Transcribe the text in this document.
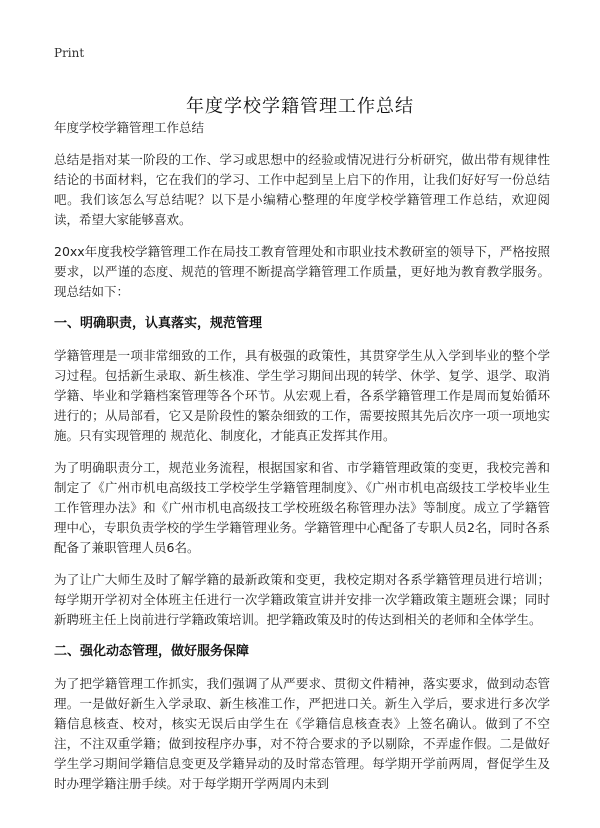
Print
年度学校学籍管理工作总结
年度学校学籍管理工作总结

总结是指对某一阶段的工作、学习或思想中的经验或情况进行分析研究，做出带有规律性结论的书面材料，它在我们的学习、工作中起到呈上启下的作用，让我们好好写一份总结吧。我们该怎么写总结呢？以下是小编精心整理的年度学校学籍管理工作总结，欢迎阅读，希望大家能够喜欢。

20xx年度我校学籍管理工作在局技工教育管理处和市职业技术教研室的领导下，严格按照要求，以严谨的态度、规范的管理不断提高学籍管理工作质量，更好地为教育教学服务。现总结如下：

一、明确职责，认真落实，规范管理

学籍管理是一项非常细致的工作，具有极强的政策性，其贯穿学生从入学到毕业的整个学习过程。包括新生录取、新生核准、学生学习期间出现的转学、休学、复学、退学、取消学籍、毕业和学籍档案管理等各个环节。从宏观上看，各系学籍管理工作是周而复始循环进行的；从局部看，它又是阶段性的繁杂细致的工作，需要按照其先后次序一项一项地实施。只有实现管理的 规范化、制度化，才能真正发挥其作用。

为了明确职责分工，规范业务流程，根据国家和省、市学籍管理政策的变更，我校完善和制定了《广州市机电高级技工学校学生学籍管理制度》、《广州市机电高级技工学校毕业生工作管理办法》和《广州市机电高级技工学校班级名称管理办法》等制度。成立了学籍管理中心，专职负责学校的学生学籍管理业务。学籍管理中心配备了专职人员2名，同时各系配备了兼职管理人员6名。

为了让广大师生及时了解学籍的最新政策和变更，我校定期对各系学籍管理员进行培训；每学期开学初对全体班主任进行一次学籍政策宣讲并安排一次学籍政策主题班会课；同时新聘班主任上岗前进行学籍政策培训。把学籍政策及时的传达到相关的老师和全体学生。

二、强化动态管理，做好服务保障

为了把学籍管理工作抓实，我们强调了从严要求、贯彻文件精神，落实要求，做到动态管理。一是做好新生入学录取、新生核准工作，严把进口关。新生入学后，要求进行多次学籍信息核查、校对，核实无误后由学生在《学籍信息核查表》上签名确认。做到了不空注，不注双重学籍；做到按程序办事，对不符合要求的予以剔除，不弄虚作假。二是做好学生学习期间学籍信息变更及学籍异动的及时常态管理。每学期开学前两周，督促学生及时办理学籍注册手续。对于每学期开学两周内未到
